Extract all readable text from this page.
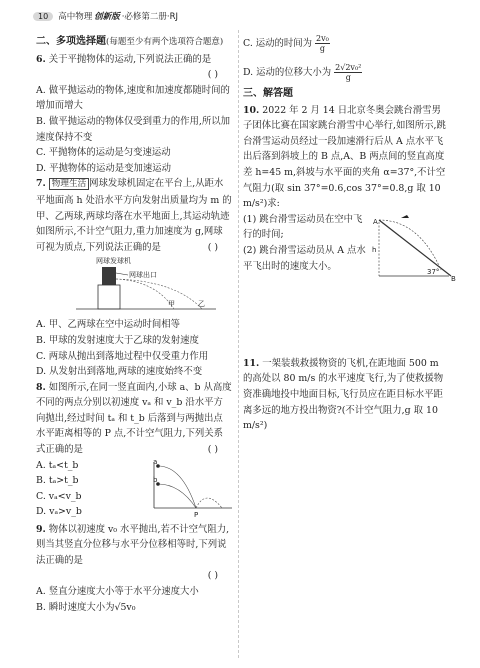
10	高中物理 创新版 ·必修第二册·RJ
二、多项选择题(每题至少有两个选项符合题意)
6. 关于平抛物体的运动,下列说法正确的是
( )
A. 做平抛运动的物体,速度和加速度都随时间的增加而增大
B. 做平抛运动的物体仅受到重力的作用,所以加速度保持不变
C. 平抛物体的运动是匀变速运动
D. 平抛物体的运动是变加速运动
7. 物理生活 网球发球机固定在平台上,从距水平地面高 h 处沿水平方向发射出质量均为 m 的甲、乙两球,两球均落在水平地面上,其运动轨迹如图所示,不计空气阻力,重力加速度为 g,网球可视为质点,下列说法正确的是	( )
网球发球机
网球出口
甲	乙
A. 甲、乙两球在空中运动时间相等
B. 甲球的发射速度大于乙球的发射速度
C. 两球从抛出到落地过程中仅受重力作用
D. 从发射出到落地,两球的速度始终不变
8. 如图所示,在同一竖直面内,小球 a、b 从高度不同的两点分别以初速度 vₐ 和 v_b 沿水平方向抛出,经过时间 tₐ 和 t_b 后落到与两抛出点水平距离相等的 P 点,不计空气阻力,下列关系式正确的是	( )
A. tₐ<t_b
B. tₐ>t_b
C. vₐ<v_b
D. vₐ>v_b
a
b
P
9. 物体以初速度 v₀ 水平抛出,若不计空气阻力,则当其竖直分位移与水平分位移相等时,下列说法正确的是
( )
A. 竖直分速度大小等于水平分速度大小
B. 瞬时速度大小为√5v₀
C. 运动的时间为 $\frac{\text{2v₀}}{g}$
D. 运动的位移大小为 $\frac{\text{2√2v₀²}}{g}$
三、解答题
10. 2022 年 2 月 14 日北京冬奥会跳台滑雪男子团体比赛在国家跳台滑雪中心举行,如图所示,跳台滑雪运动员经过一段加速滑行后从 A 点水平飞出后落到斜坡上的 B 点,A、B 两点间的竖直高度差 h=45 m,斜坡与水平面的夹角 α=37°,不计空气阻力(取 sin 37°=0.6,cos 37°=0.8,g 取 10 m/s²)求:
(1) 跳台滑雪运动员在空中飞行的时间;
(2) 跳台滑雪运动员从 A 点水平飞出时的速度大小。
A
h
B
37°
11. 一架装载救援物资的飞机,在距地面 500 m 的高处以 80 m/s 的水平速度飞行,为了使救援物资准确地投中地面目标,飞行员应在距目标水平距离多远的地方投出物资?(不计空气阻力,g 取 10 m/s²)
